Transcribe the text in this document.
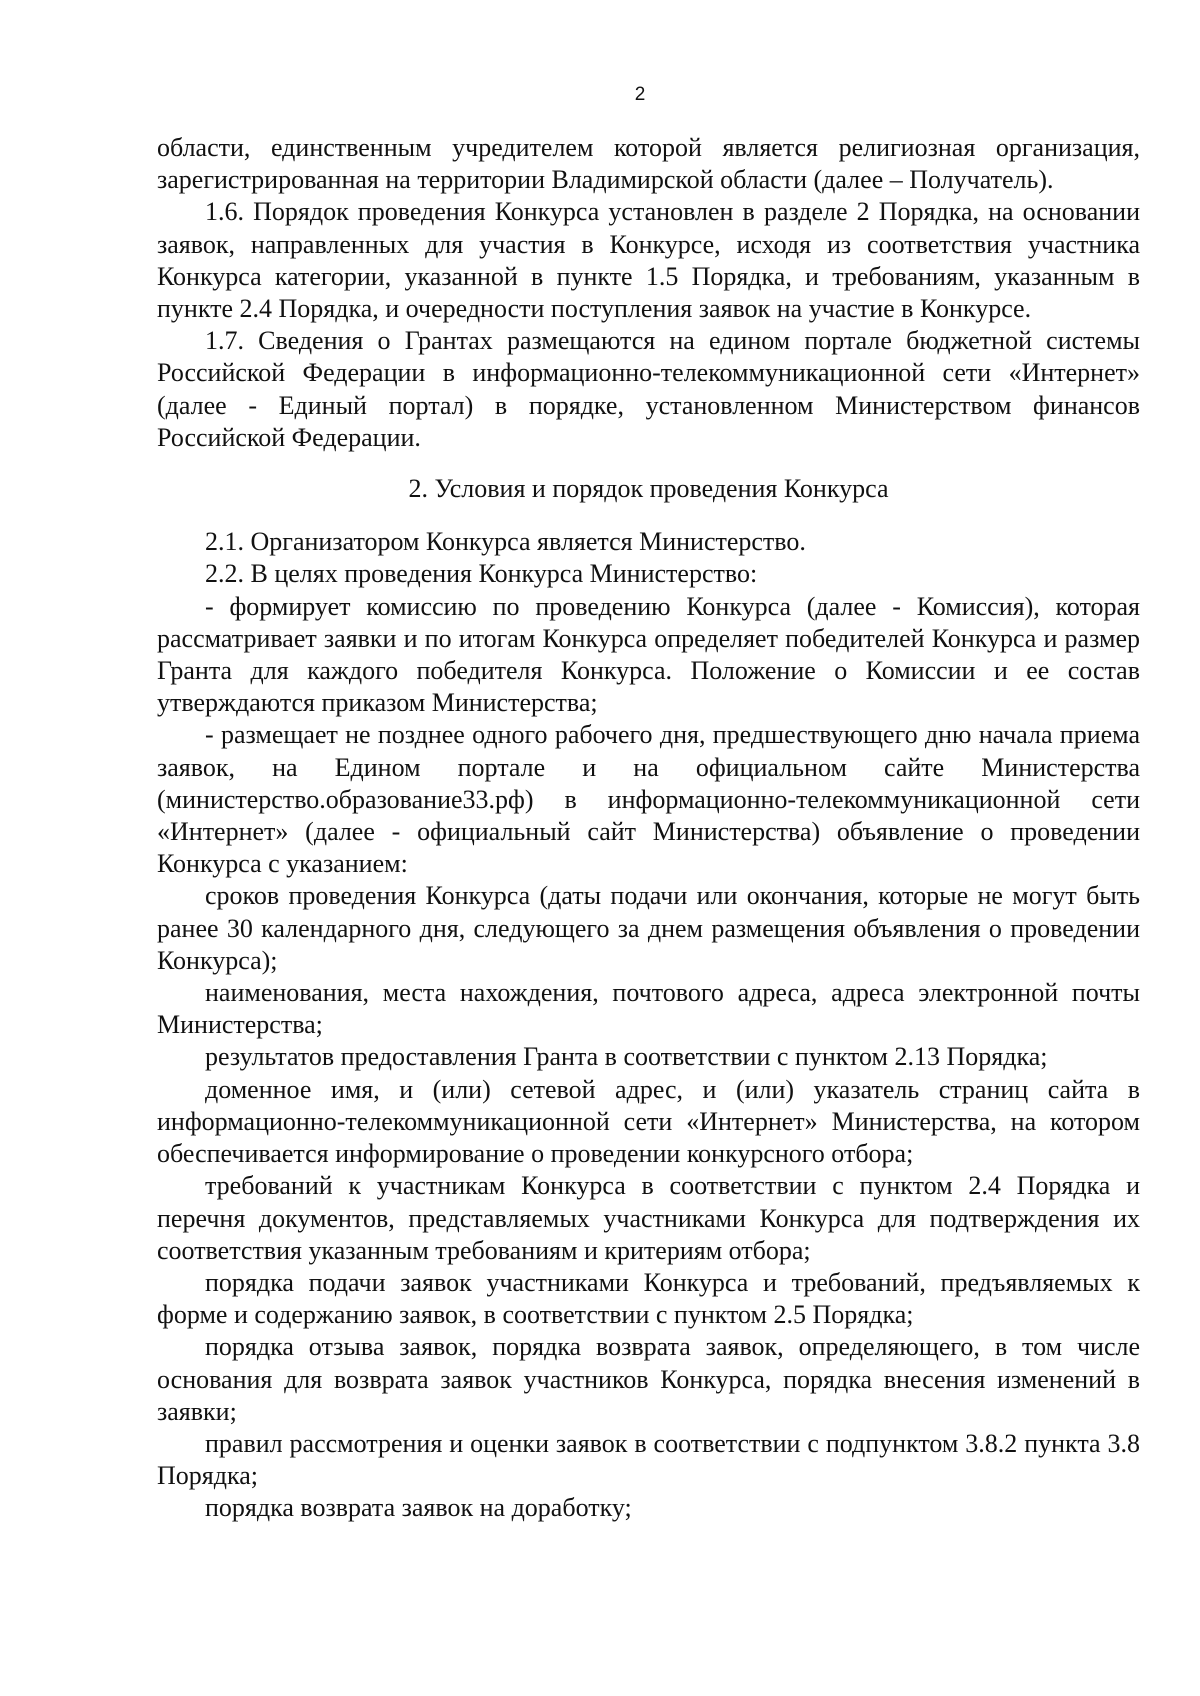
2

области, единственным учредителем которой является религиозная организация, зарегистрированная на территории Владимирской области (далее – Получатель).

1.6. Порядок проведения Конкурса установлен в разделе 2 Порядка, на основании заявок, направленных для участия в Конкурсе, исходя из соответствия участника Конкурса категории, указанной в пункте 1.5 Порядка, и требованиям, указанным в пункте 2.4 Порядка, и очередности поступления заявок на участие в Конкурсе.

1.7. Сведения о Грантах размещаются на едином портале бюджетной системы Российской Федерации в информационно-телекоммуникационной сети «Интернет» (далее - Единый портал) в порядке, установленном Министерством финансов Российской Федерации.

2. Условия и порядок проведения Конкурса

2.1. Организатором Конкурса является Министерство.

2.2. В целях проведения Конкурса Министерство:

- формирует комиссию по проведению Конкурса (далее - Комиссия), которая рассматривает заявки и по итогам Конкурса определяет победителей Конкурса и размер Гранта для каждого победителя Конкурса. Положение о Комиссии и ее состав утверждаются приказом Министерства;

- размещает не позднее одного рабочего дня, предшествующего дню начала приема заявок, на Едином портале и на официальном сайте Министерства (министерство.образование33.рф) в информационно-телекоммуникационной сети «Интернет» (далее - официальный сайт Министерства) объявление о проведении Конкурса с указанием:

сроков проведения Конкурса (даты подачи или окончания, которые не могут быть ранее 30 календарного дня, следующего за днем размещения объявления о проведении Конкурса);

наименования, места нахождения, почтового адреса, адреса электронной почты Министерства;

результатов предоставления Гранта в соответствии с пунктом 2.13 Порядка;

доменное имя, и (или) сетевой адрес, и (или) указатель страниц сайта в информационно-телекоммуникационной сети «Интернет» Министерства, на котором обеспечивается информирование о проведении конкурсного отбора;

требований к участникам Конкурса в соответствии с пунктом 2.4 Порядка и перечня документов, представляемых участниками Конкурса для подтверждения их соответствия указанным требованиям и критериям отбора;

порядка подачи заявок участниками Конкурса и требований, предъявляемых к форме и содержанию заявок, в соответствии с пунктом 2.5 Порядка;

порядка отзыва заявок, порядка возврата заявок, определяющего, в том числе основания для возврата заявок участников Конкурса, порядка внесения изменений в заявки;

правил рассмотрения и оценки заявок в соответствии с подпунктом 3.8.2 пункта 3.8 Порядка;

порядка возврата заявок на доработку;
